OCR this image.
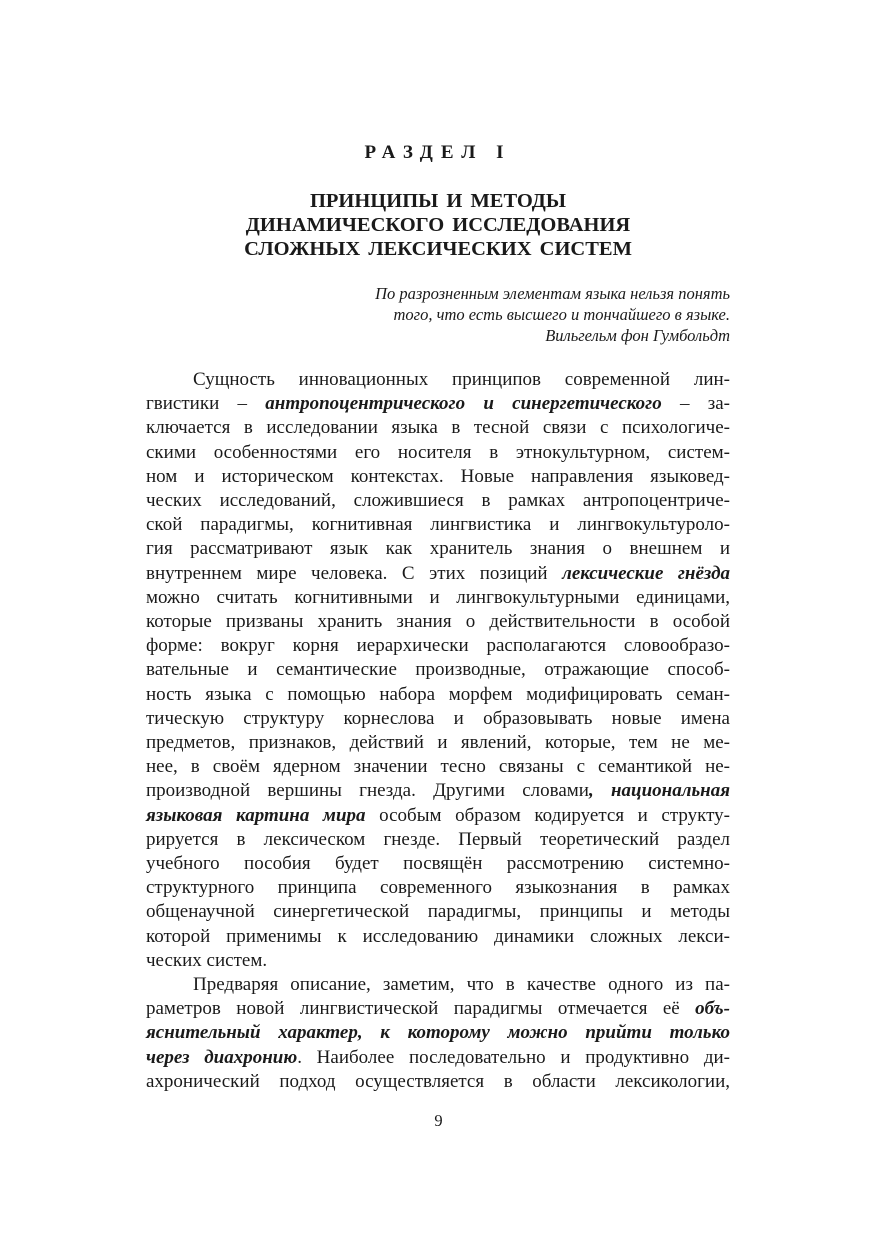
РАЗДЕЛ I
ПРИНЦИПЫ И МЕТОДЫ
ДИНАМИЧЕСКОГО ИССЛЕДОВАНИЯ
СЛОЖНЫХ ЛЕКСИЧЕСКИХ СИСТЕМ
По разрозненным элементам языка нельзя понять
того, что есть высшего и тончайшего в языке.
Вильгельм фон Гумбольдт
Сущность инновационных принципов современной лин-
гвистики – антропоцентрического и синергетического – за-
ключается в исследовании языка в тесной связи с психологиче-
скими особенностями его носителя в этнокультурном, систем-
ном и историческом контекстах. Новые направления языковед-
ческих исследований, сложившиеся в рамках антропоцентриче-
ской парадигмы, когнитивная лингвистика и лингвокультуроло-
гия рассматривают язык как хранитель знания о внешнем и
внутреннем мире человека. С этих позиций лексические гнёзда
можно считать когнитивными и лингвокультурными единицами,
которые призваны хранить знания о действительности в особой
форме: вокруг корня иерархически располагаются словообразо-
вательные и семантические производные, отражающие способ-
ность языка с помощью набора морфем модифицировать семан-
тическую структуру корнеслова и образовывать новые имена
предметов, признаков, действий и явлений, которые, тем не ме-
нее, в своём ядерном значении тесно связаны с семантикой не-
производной вершины гнезда. Другими словами, национальная
языковая картина мира особым образом кодируется и структу-
рируется в лексическом гнезде. Первый теоретический раздел
учебного пособия будет посвящён рассмотрению системно-
структурного принципа современного языкознания в рамках
общенаучной синергетической парадигмы, принципы и методы
которой применимы к исследованию динамики сложных лекси-
ческих систем.
Предваряя описание, заметим, что в качестве одного из па-
раметров новой лингвистической парадигмы отмечается её объ-
яснительный характер, к которому можно прийти только
через диахронию. Наиболее последовательно и продуктивно ди-
ахронический подход осуществляется в области лексикологии,
9
